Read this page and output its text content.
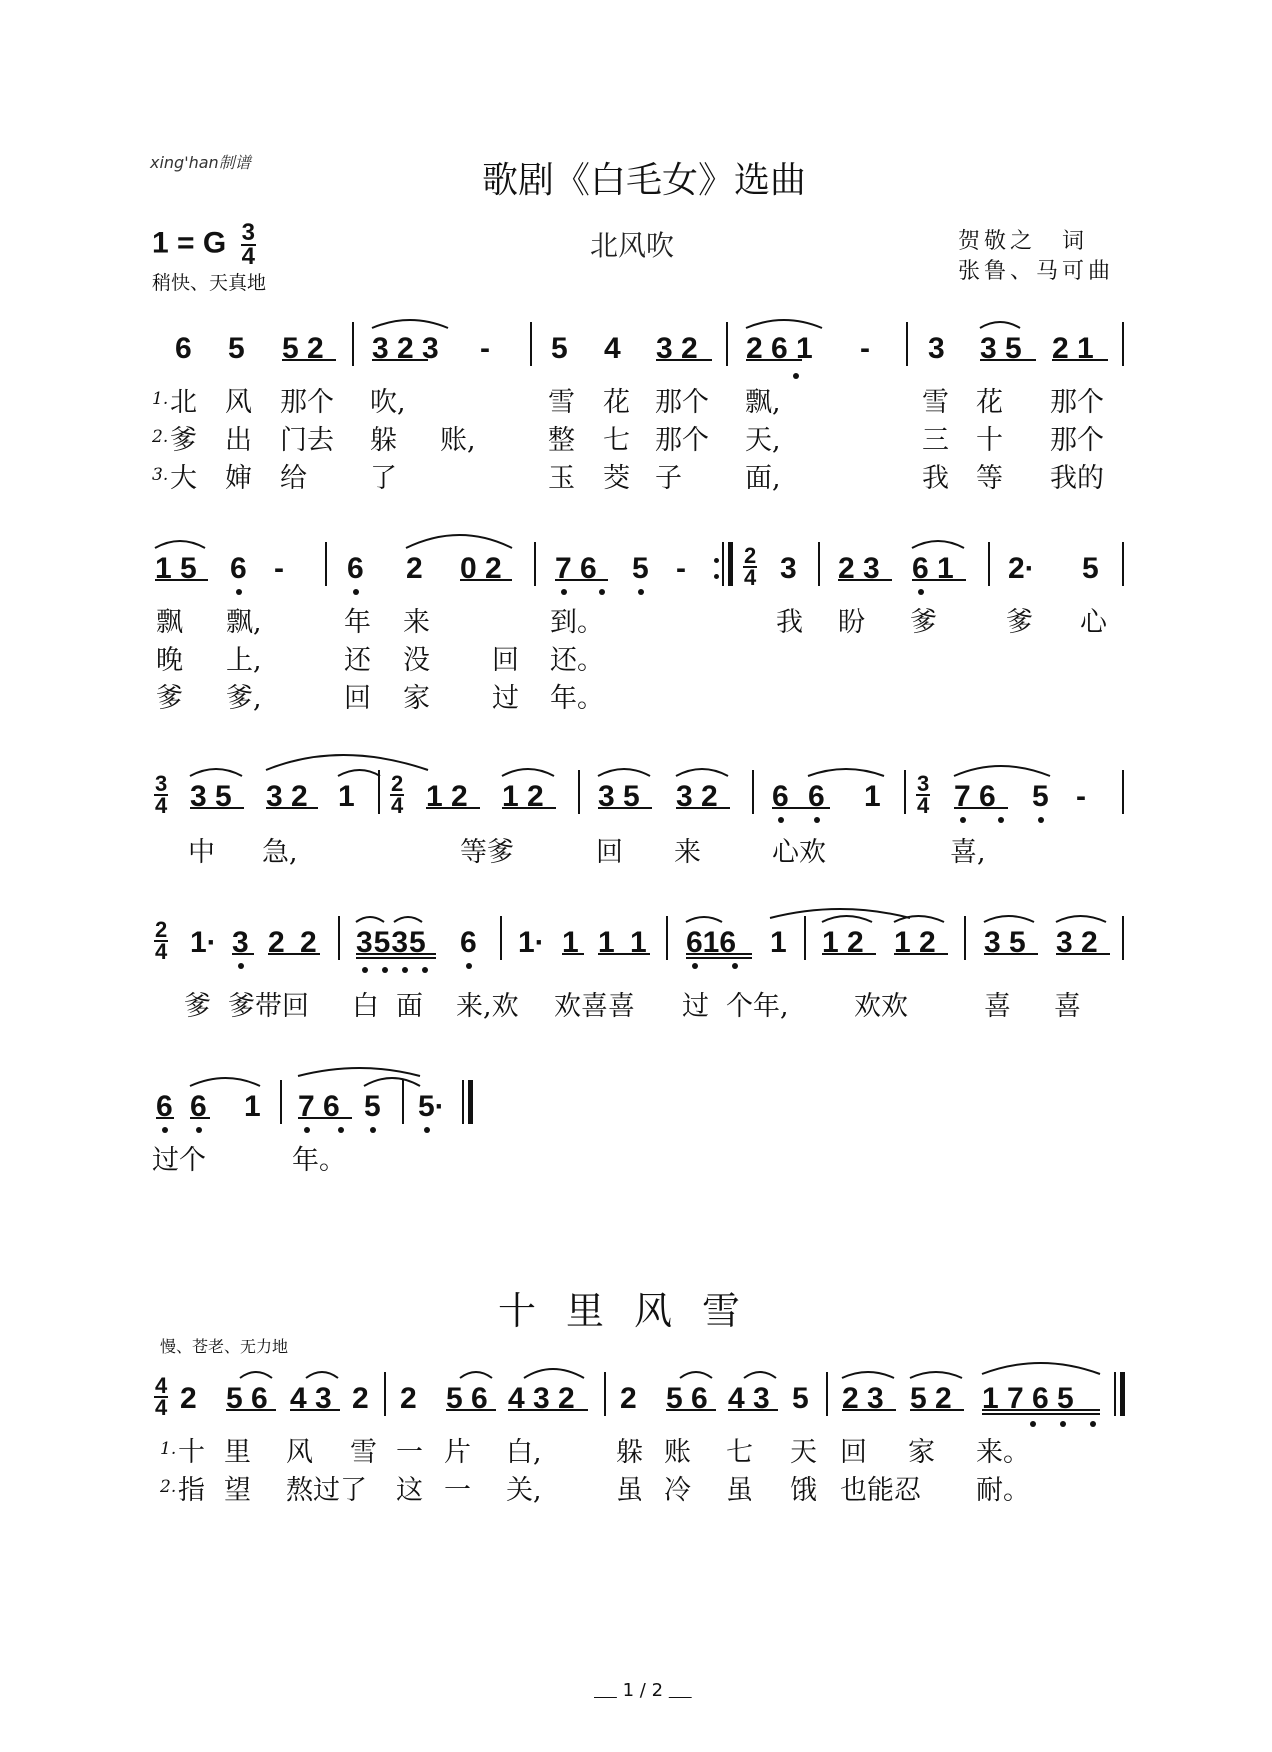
xing'han制谱	歌剧《白毛女》选曲
1 = G $\frac{3}{4}$
稍快、天真地
北风吹	贺敬之　词
张鲁、马可曲
6 5 5 2 3 2 3 - 5 4 3 2 2 6 1 - 3 3 5 2 1
1. 北 风 那个 吹,	雪 花 那个 飘,	雪 花 那个
2. 爹 出 门去 躲 账,	整 七 那个 天,	三 十 那个
3. 大 婶 给 了	玉 茭 子 面,	我 等 我的
1 5 6 - 6 2 0 2 7 6 5 -	$\frac{2}{4} 3$ 2 3 6 1 2· 5
飘 飘,	年 来	到。	我 盼 爹	爹 心
晚 上,	还 没 回 还。
爹 爹,	回 家 过 年。
$\frac{3}{4} 3$ 5 3 2 $1 \frac{2}{4} 1$ 2 1 2 3 5 3 2 6 6 $1 \frac{3}{4} 7$ 6 5 -
中 急,	等爹	回 来	心欢	喜,
$\frac{2}{4} 1\cdot 3$ 2 2 3535 6 1· 1 1 1 616 1 1 2 1 2 3 5 3 2
爹 爹带回 白 面 来,欢 欢喜喜 过 个年, 欢欢	喜 喜
6 6 1 7 6 5 5·
过个	年。
十里风雪
慢、苍老、无力地
$\frac{4}{4} 2$ 5 6 4 3 2 2 5 6 4 3 2 2 5 6 4 3 5 2 3 5 2 1 7 6 5
1. 十 里 风 雪 一 片 白,	躲 账 七 天 回 家 来。
2. 指 望 熬过了 这 一 关,	虽 冷 虽 饿 也能忍 耐。
1 / 2
